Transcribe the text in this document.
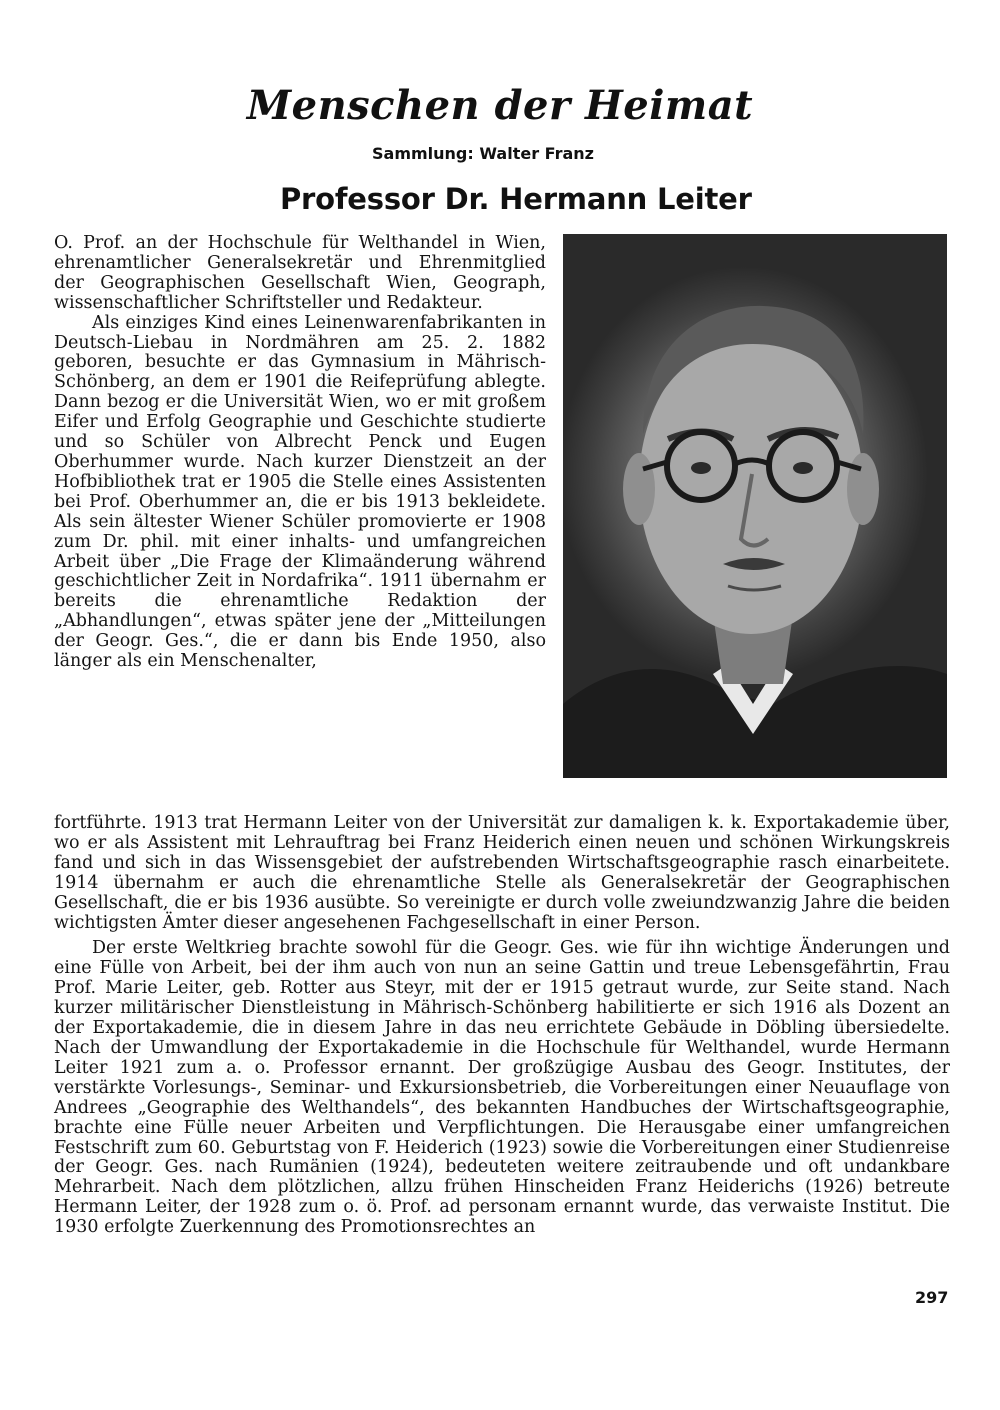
Menschen der Heimat
Sammlung: Walter Franz
Professor Dr. Hermann Leiter

O. Prof. an der Hochschule für Welthandel in Wien, ehrenamtlicher Generalsekretär und Ehrenmitglied der Geographischen Gesellschaft Wien, Geograph, wissenschaftlicher Schriftsteller und Redakteur.

Als einziges Kind eines Leinenwarenfabrikanten in Deutsch-Liebau in Nordmähren am 25. 2. 1882 geboren, besuchte er das Gymnasium in Mährisch-Schönberg, an dem er 1901 die Reifeprüfung ablegte. Dann bezog er die Universität Wien, wo er mit großem Eifer und Erfolg Geographie und Geschichte studierte und so Schüler von Albrecht Penck und Eugen Oberhummer wurde. Nach kurzer Dienstzeit an der Hofbibliothek trat er 1905 die Stelle eines Assistenten bei Prof. Oberhummer an, die er bis 1913 bekleidete. Als sein ältester Wiener Schüler promovierte er 1908 zum Dr. phil. mit einer inhalts- und umfangreichen Arbeit über „Die Frage der Klimaänderung während geschichtlicher Zeit in Nordafrika“. 1911 übernahm er bereits die ehrenamtliche Redaktion der „Abhandlungen“, etwas später jene der „Mitteilungen der Geogr. Ges.“, die er dann bis Ende 1950, also länger als ein Menschenalter,

fortführte. 1913 trat Hermann Leiter von der Universität zur damaligen k. k. Exportakademie über, wo er als Assistent mit Lehrauftrag bei Franz Heiderich einen neuen und schönen Wirkungskreis fand und sich in das Wissensgebiet der aufstrebenden Wirtschaftsgeographie rasch einarbeitete. 1914 übernahm er auch die ehrenamtliche Stelle als Generalsekretär der Geographischen Gesellschaft, die er bis 1936 ausübte. So vereinigte er durch volle zweiundzwanzig Jahre die beiden wichtigsten Ämter dieser angesehenen Fachgesellschaft in einer Person.

Der erste Weltkrieg brachte sowohl für die Geogr. Ges. wie für ihn wichtige Änderungen und eine Fülle von Arbeit, bei der ihm auch von nun an seine Gattin und treue Lebensgefährtin, Frau Prof. Marie Leiter, geb. Rotter aus Steyr, mit der er 1915 getraut wurde, zur Seite stand. Nach kurzer militärischer Dienstleistung in Mährisch-Schönberg habilitierte er sich 1916 als Dozent an der Exportakademie, die in diesem Jahre in das neu errichtete Gebäude in Döbling übersiedelte. Nach der Umwandlung der Exportakademie in die Hochschule für Welthandel, wurde Hermann Leiter 1921 zum a. o. Professor ernannt. Der großzügige Ausbau des Geogr. Institutes, der verstärkte Vorlesungs-, Seminar- und Exkursionsbetrieb, die Vorbereitungen einer Neuauflage von Andrees „Geographie des Welthandels“, des bekannten Handbuches der Wirtschaftsgeographie, brachte eine Fülle neuer Arbeiten und Verpflichtungen. Die Herausgabe einer umfangreichen Festschrift zum 60. Geburtstag von F. Heiderich (1923) sowie die Vorbereitungen einer Studienreise der Geogr. Ges. nach Rumänien (1924), bedeuteten weitere zeitraubende und oft undankbare Mehrarbeit. Nach dem plötzlichen, allzu frühen Hinscheiden Franz Heiderichs (1926) betreute Hermann Leiter, der 1928 zum o. ö. Prof. ad personam ernannt wurde, das verwaiste Institut. Die 1930 erfolgte Zuerkennung des Promotionsrechtes an

297
